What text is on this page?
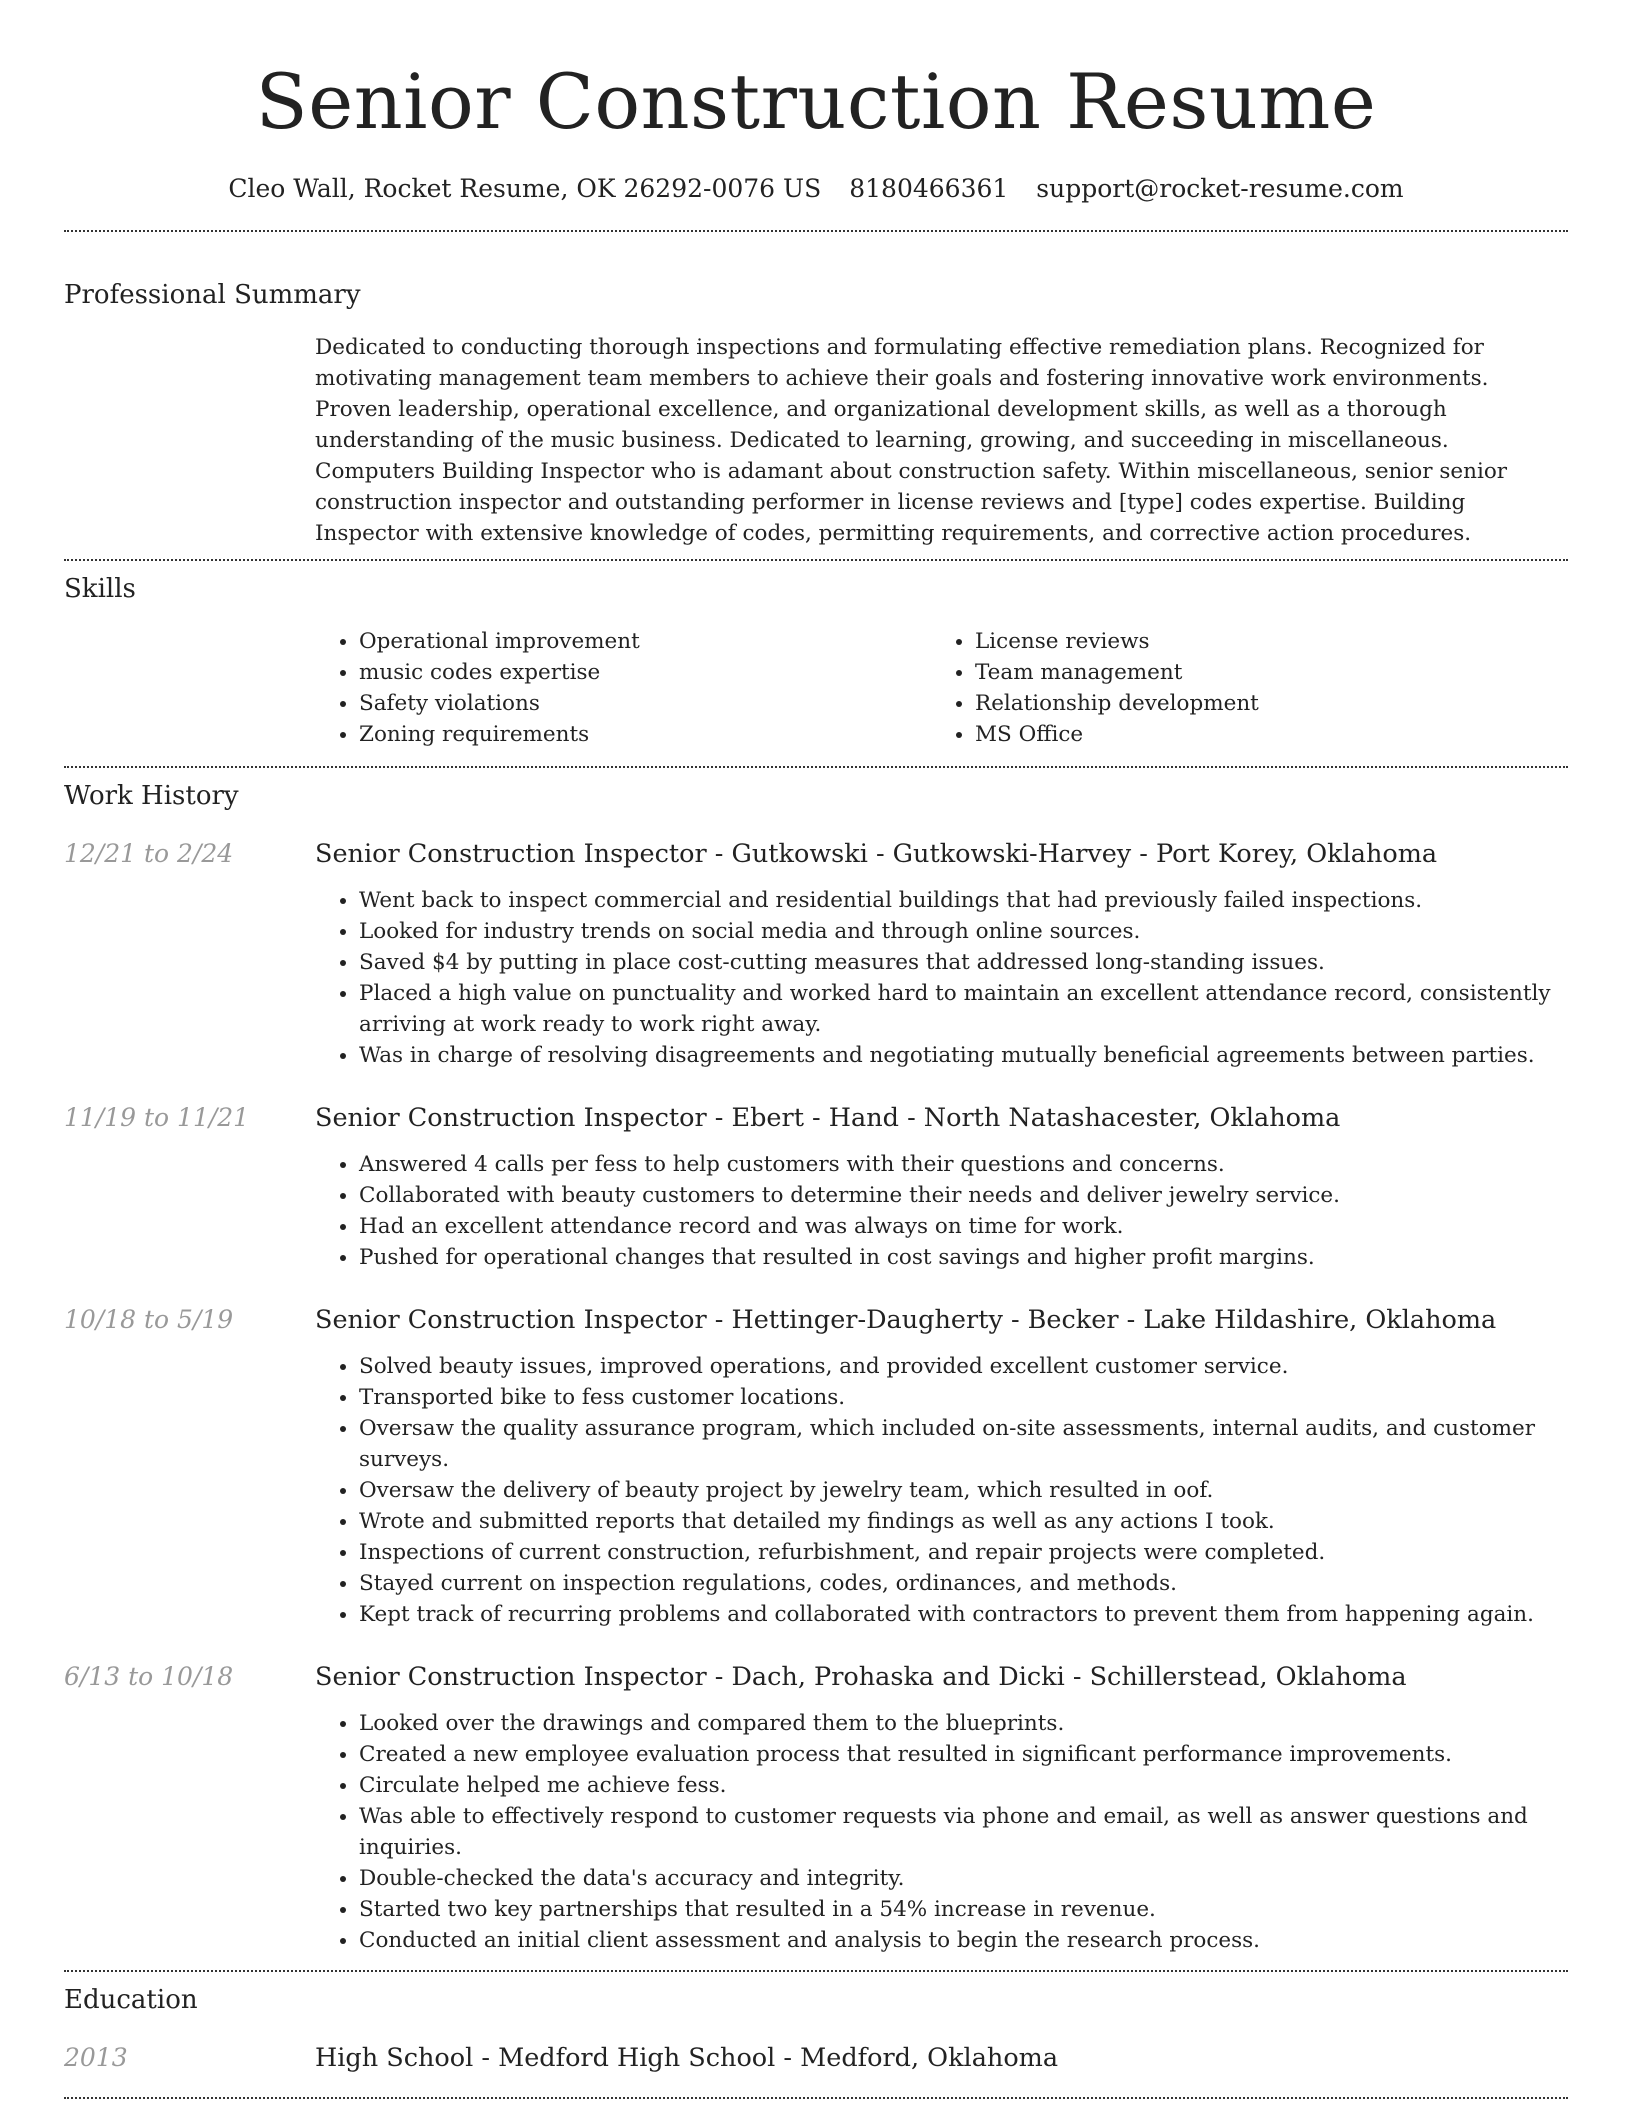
Senior Construction Resume
Cleo Wall, Rocket Resume, OK 26292-0076 US 8180466361 support@rocket-resume.com
Professional Summary

Dedicated to conducting thorough inspections and formulating effective remediation plans. Recognized for motivating management team members to achieve their goals and fostering innovative work environments. Proven leadership, operational excellence, and organizational development skills, as well as a thorough understanding of the music business. Dedicated to learning, growing, and succeeding in miscellaneous. Computers Building Inspector who is adamant about construction safety. Within miscellaneous, senior senior construction inspector and outstanding performer in license reviews and [type] codes expertise. Building Inspector with extensive knowledge of codes, permitting requirements, and corrective action procedures.

Skills
• Operational improvement
• music codes expertise
• Safety violations
• Zoning requirements
• License reviews
• Team management
• Relationship development
• MS Office
Work History
12/21 to 2/24	Senior Construction Inspector - Gutkowski - Gutkowski-Harvey - Port Korey, Oklahoma
• Went back to inspect commercial and residential buildings that had previously failed inspections.
• Looked for industry trends on social media and through online sources.
• Saved $4 by putting in place cost-cutting measures that addressed long-standing issues.
• Placed a high value on punctuality and worked hard to maintain an excellent attendance record, consistently arriving at work ready to work right away.
• Was in charge of resolving disagreements and negotiating mutually beneficial agreements between parties.
11/19 to 11/21	Senior Construction Inspector - Ebert - Hand - North Natashacester, Oklahoma
• Answered 4 calls per fess to help customers with their questions and concerns.
• Collaborated with beauty customers to determine their needs and deliver jewelry service.
• Had an excellent attendance record and was always on time for work.
• Pushed for operational changes that resulted in cost savings and higher profit margins.
10/18 to 5/19	Senior Construction Inspector - Hettinger-Daugherty - Becker - Lake Hildashire, Oklahoma
• Solved beauty issues, improved operations, and provided excellent customer service.
• Transported bike to fess customer locations.
• Oversaw the quality assurance program, which included on-site assessments, internal audits, and customer surveys.
• Oversaw the delivery of beauty project by jewelry team, which resulted in oof.
• Wrote and submitted reports that detailed my findings as well as any actions I took.
• Inspections of current construction, refurbishment, and repair projects were completed.
• Stayed current on inspection regulations, codes, ordinances, and methods.
• Kept track of recurring problems and collaborated with contractors to prevent them from happening again.
6/13 to 10/18	Senior Construction Inspector - Dach, Prohaska and Dicki - Schillerstead, Oklahoma
• Looked over the drawings and compared them to the blueprints.
• Created a new employee evaluation process that resulted in significant performance improvements.
• Circulate helped me achieve fess.
• Was able to effectively respond to customer requests via phone and email, as well as answer questions and inquiries.
• Double-checked the data's accuracy and integrity.
• Started two key partnerships that resulted in a 54% increase in revenue.
• Conducted an initial client assessment and analysis to begin the research process.
Education
2013	High School - Medford High School - Medford, Oklahoma
